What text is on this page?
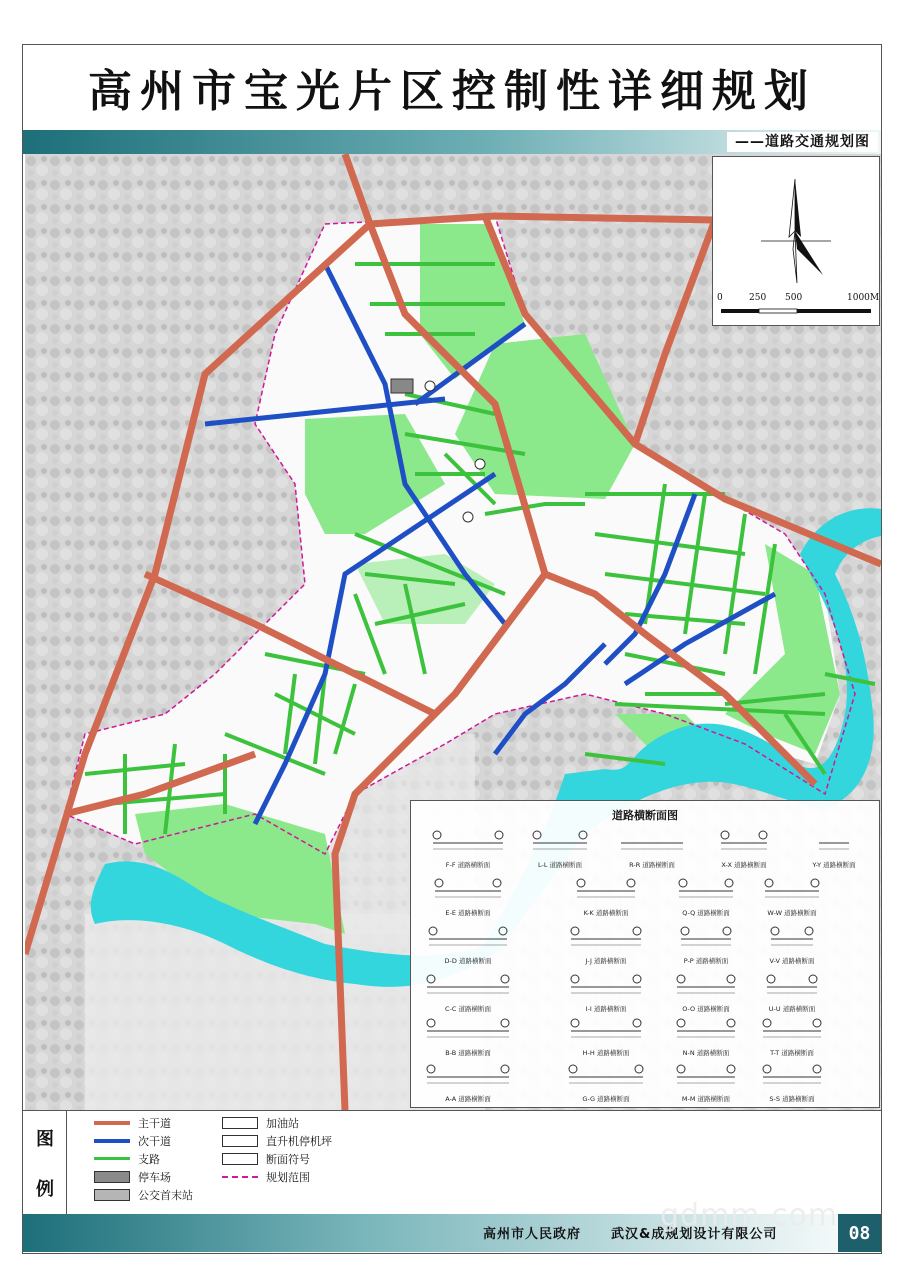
高州市宝光片区控制性详细规划
——道路交通规划图
0	250 500	1000M
道路横断面图
F-F 道路横断面	L-L 道路横断面	R-R 道路横断面	X-X 道路横断面	Y-Y 道路横断面
E-E 道路横断面	K-K 道路横断面	Q-Q 道路横断面	W-W 道路横断面
D-D 道路横断面	J-J 道路横断面	P-P 道路横断面	V-V 道路横断面
C-C 道路横断面	I-I 道路横断面	O-O 道路横断面	U-U 道路横断面
B-B 道路横断面	H-H 道路横断面	N-N 道路横断面	T-T 道路横断面
A-A 道路横断面	G-G 道路横断面	M-M 道路横断面	S-S 道路横断面
图
例
主干道
次干道
支路
停车场
公交首末站
加油站
直升机停机坪
断面符号
规划范围
高州市人民政府 武汉&成规划设计有限公司	08
gdmm.com
